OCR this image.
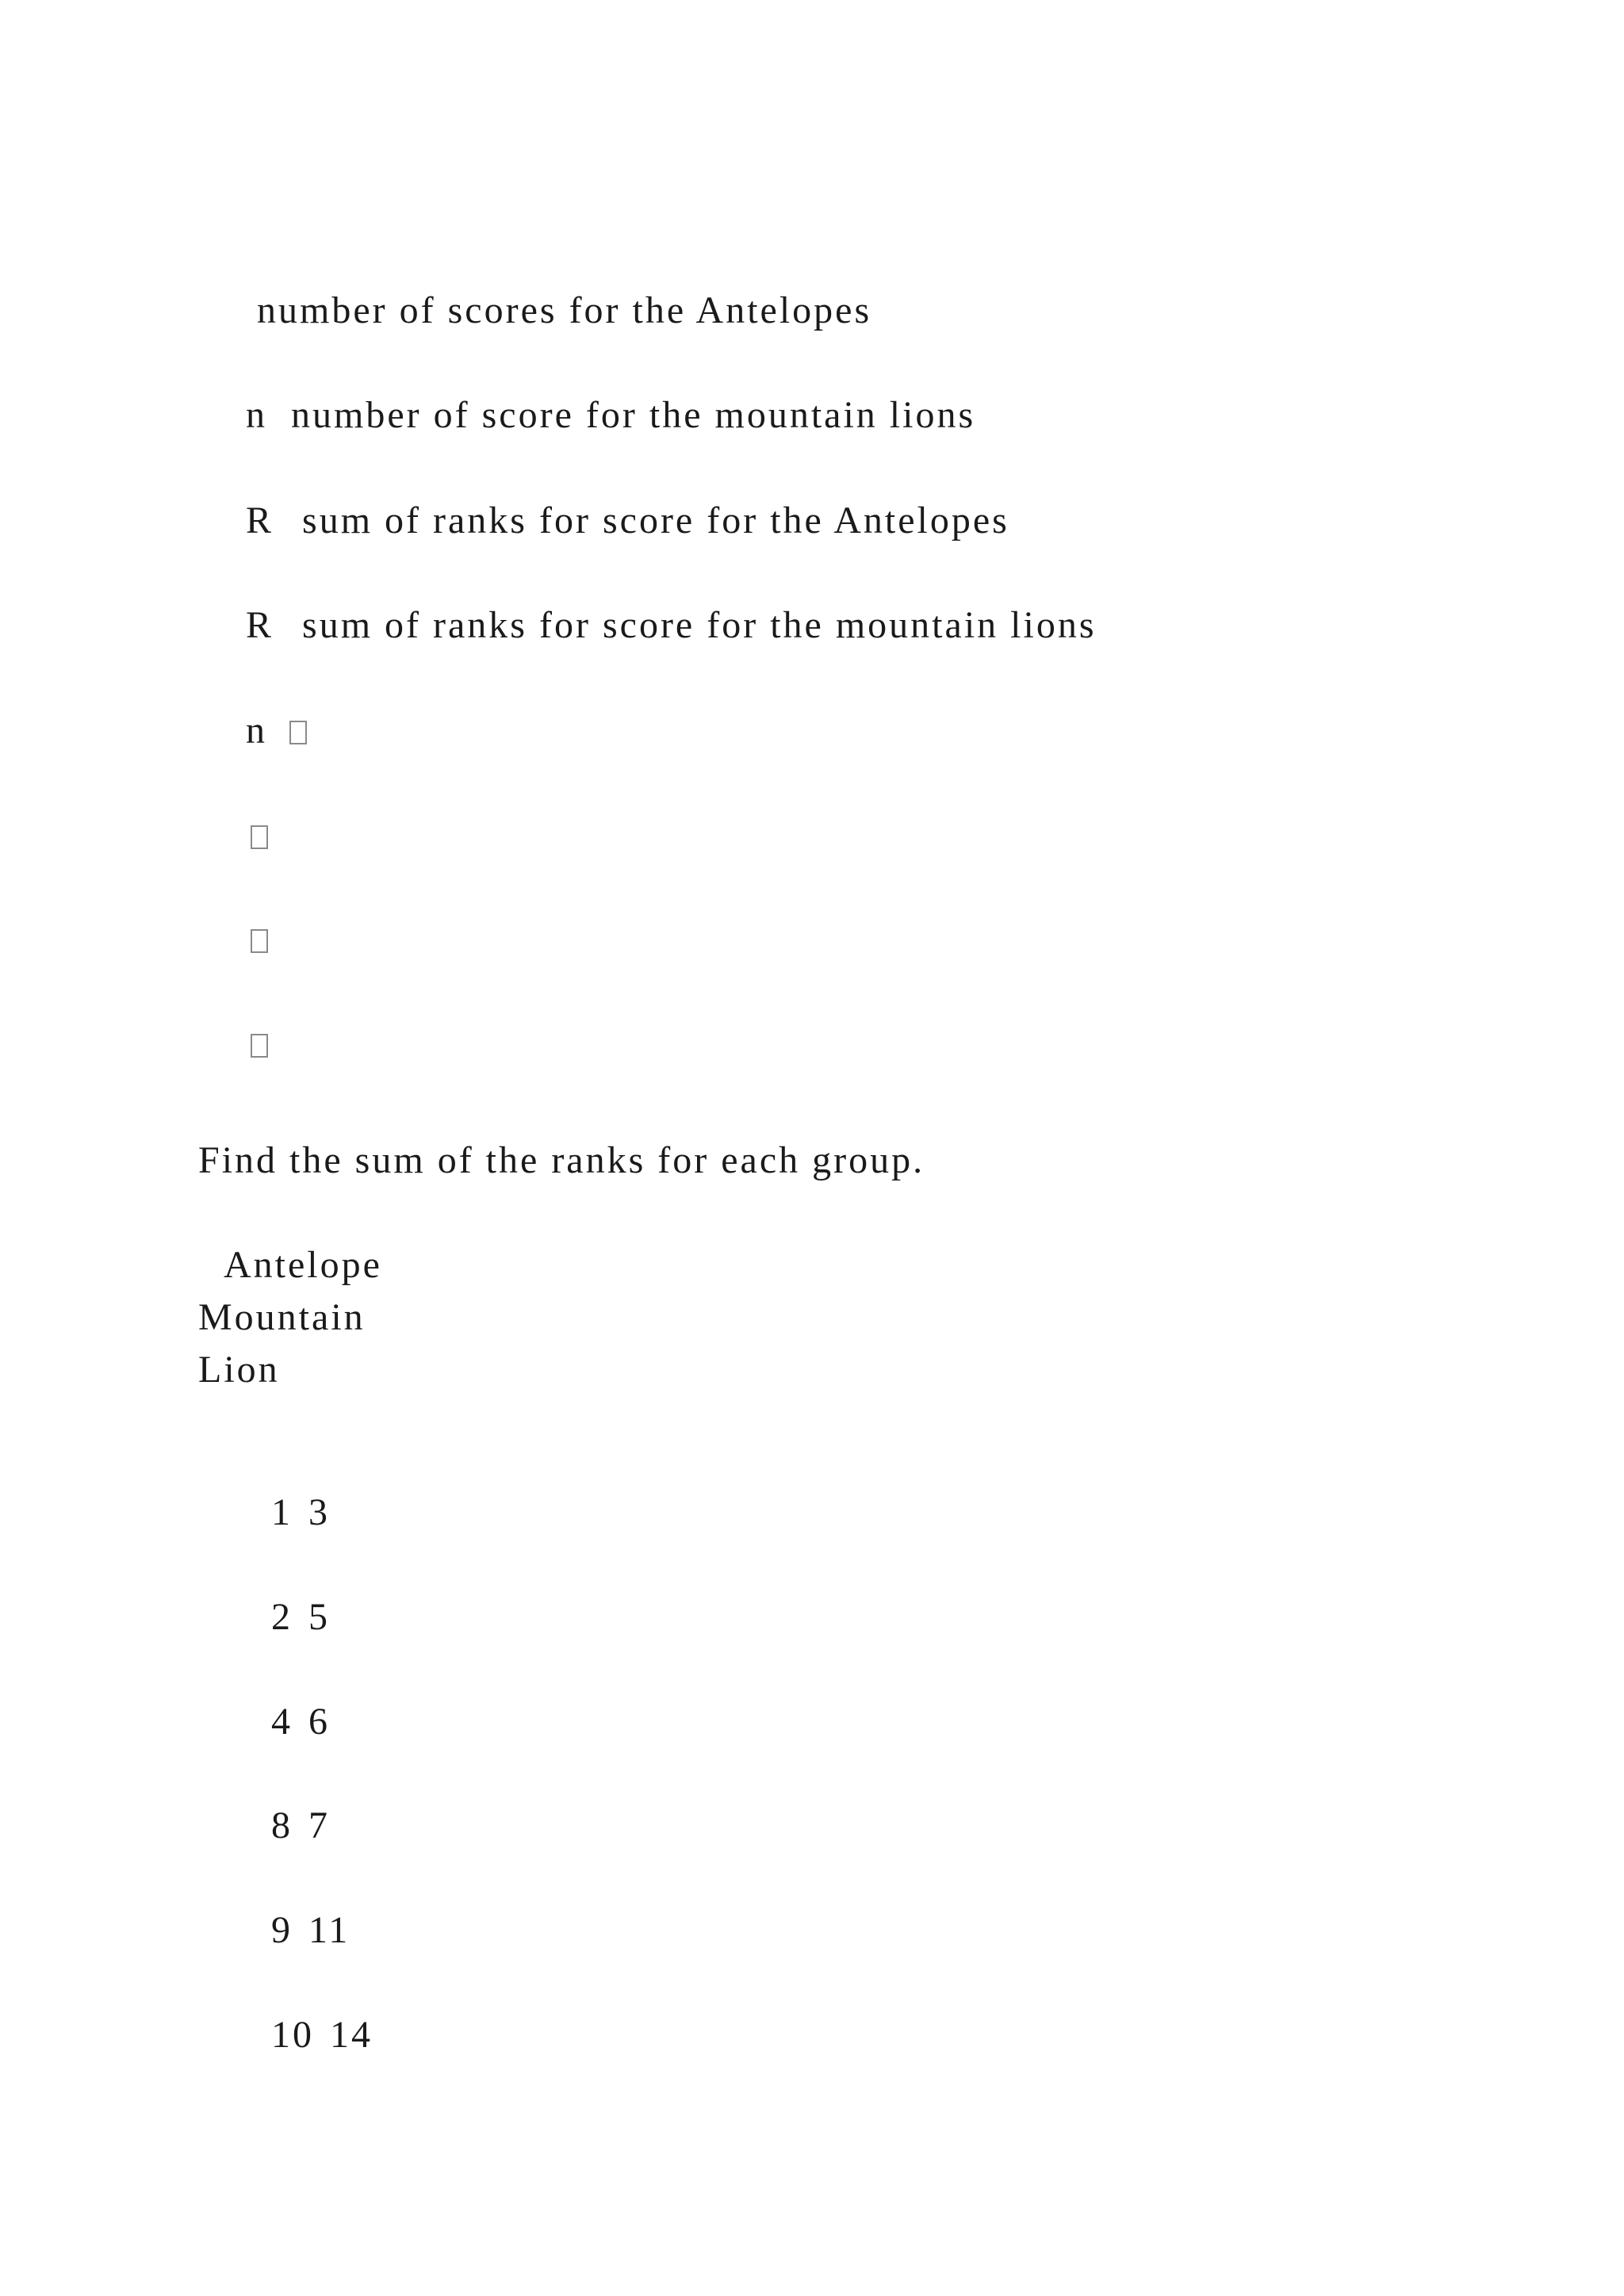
number of scores for the Antelopes

n number of score for the mountain lions

R sum of ranks for score for the Antelopes

R sum of ranks for score for the mountain lions

n

Find the sum of the ranks for each group.
Antelope
Mountain
Lion

1 3

2 5

4 6

8 7

9 11

10 14
